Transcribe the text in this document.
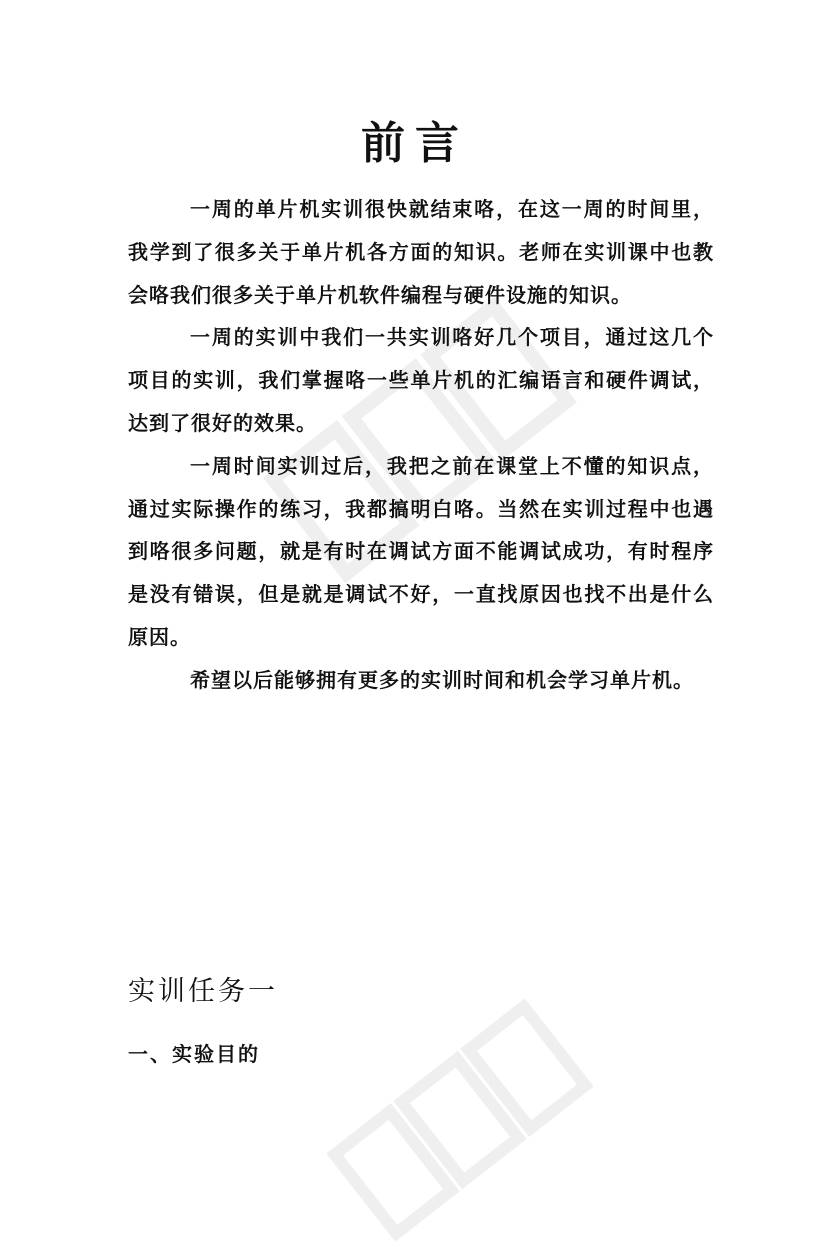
前言

一周的单片机实训很快就结束咯，在这一周的时间里，我学到了很多关于单片机各方面的知识。老师在实训课中也教会咯我们很多关于单片机软件编程与硬件设施的知识。

一周的实训中我们一共实训咯好几个项目，通过这几个项目的实训，我们掌握咯一些单片机的汇编语言和硬件调试，达到了很好的效果。

一周时间实训过后，我把之前在课堂上不懂的知识点，通过实际操作的练习，我都搞明白咯。当然在实训过程中也遇到咯很多问题，就是有时在调试方面不能调试成功，有时程序是没有错误，但是就是调试不好，一直找原因也找不出是什么原因。

希望以后能够拥有更多的实训时间和机会学习单片机。

实训任务一
一、实验目的
